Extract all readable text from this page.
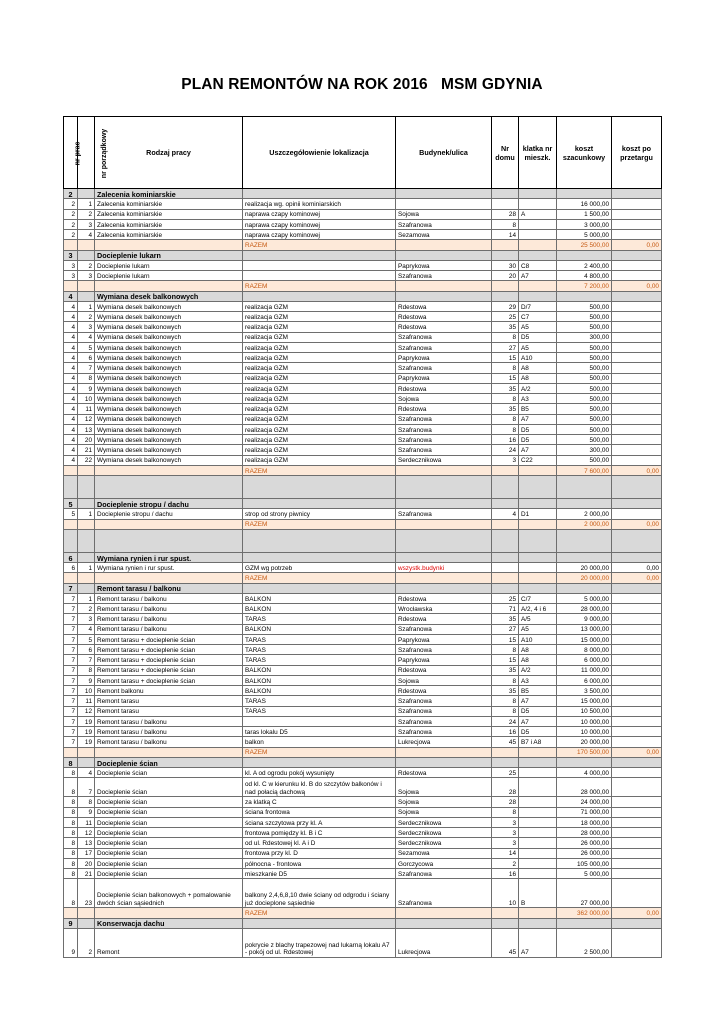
PLAN REMONTÓW NA ROK 2016   MSM GDYNIA
nr prac	nr porządkowy	Rodzaj pracy	Uszczegółowienie lokalizacja	Budynek/ulica	Nr domu	klatka nr mieszk.	koszt szacunkowy	koszt po przetargu
2		Zalecenia kominiarskie						
2	1	Zalecenia kominiarskie	realizacja wg. opinii kominiarskich				16 000,00	
2	2	Zalecenia kominiarskie	naprawa czapy kominowej	Sojowa	28	A	1 500,00	
2	3	Zalecenia kominiarskie	naprawa czapy kominowej	Szafranowa	8		3 000,00	
2	4	Zalecenia kominiarskie	naprawa czapy kominowej	Sezamowa	14		5 000,00	
			RAZEM				25 500,00	0,00
3		Docieplenie lukarn						
3	2	Docieplenie lukarn		Paprykowa	30	C8	2 400,00	
3	3	Docieplenie lukarn		Szafranowa	20	A7	4 800,00	
			RAZEM				7 200,00	0,00
4		Wymiana desek balkonowych						
4	1	Wymiana desek balkonowych	realizacja GZM	Rdestowa	29	D/7	500,00	
4	2	Wymiana desek balkonowych	realizacja GZM	Rdestowa	25	C7	500,00	
4	3	Wymiana desek balkonowych	realizacja GZM	Rdestowa	35	A5	500,00	
4	4	Wymiana desek balkonowych	realizacja GZM	Szafranowa	8	D5	300,00	
4	5	Wymiana desek balkonowych	realizacja GZM	Szafranowa	27	A5	500,00	
4	6	Wymiana desek balkonowych	realizacja GZM	Paprykowa	15	A10	500,00	
4	7	Wymiana desek balkonowych	realizacja GZM	Szafranowa	8	A8	500,00	
4	8	Wymiana desek balkonowych	realizacja GZM	Paprykowa	15	A8	500,00	
4	9	Wymiana desek balkonowych	realizacja GZM	Rdestowa	35	A/2	500,00	
4	10	Wymiana desek balkonowych	realizacja GZM	Sojowa	8	A3	500,00	
4	11	Wymiana desek balkonowych	realizacja GZM	Rdestowa	35	B5	500,00	
4	12	Wymiana desek balkonowych	realizacja GZM	Szafranowa	8	A7	500,00	
4	13	Wymiana desek balkonowych	realizacja GZM	Szafranowa	8	D5	500,00	
4	20	Wymiana desek balkonowych	realizacja GZM	Szafranowa	16	D5	500,00	
4	21	Wymiana desek balkonowych	realizacja GZM	Szafranowa	24	A7	300,00	
4	22	Wymiana desek balkonowych	realizacja GZM	Serdecznikowa	3	C22	500,00	
			RAZEM				7 600,00	0,00

5		Docieplenie stropu / dachu						
5	1	Docieplenie stropu / dachu	strop od strony piwnicy	Szafranowa	4	D1	2 000,00	
			RAZEM				2 000,00	0,00

6		Wymiana rynien i rur spust.						
6	1	Wymiana rynien i rur spust.	GZM wg potrzeb	wszystk.budynki			20 000,00	0,00
			RAZEM				20 000,00	0,00
7		Remont tarasu / balkonu						
7	1	Remont tarasu / balkonu	BALKON	Rdestowa	25	C/7	5 000,00	
7	2	Remont tarasu / balkonu	BALKON	Wrocławska	71	A/2, 4 i 6	28 000,00	
7	3	Remont tarasu / balkonu	TARAS	Rdestowa	35	A/5	9 000,00	
7	4	Remont tarasu / balkonu	BALKON	Szafranowa	27	A5	13 000,00	
7	5	Remont tarasu + docieplenie ścian	TARAS	Paprykowa	15	A10	15 000,00	
7	6	Remont tarasu + docieplenie ścian	TARAS	Szafranowa	8	A8	8 000,00	
7	7	Remont tarasu + docieplenie ścian	TARAS	Paprykowa	15	A8	6 000,00	
7	8	Remont tarasu + docieplenie ścian	BALKON	Rdestowa	35	A/2	11 000,00	
7	9	Remont tarasu + docieplenie ścian	BALKON	Sojowa	8	A3	6 000,00	
7	10	Remont balkonu	BALKON	Rdestowa	35	B5	3 500,00	
7	11	Remont tarasu	TARAS	Szafranowa	8	A7	15 000,00	
7	12	Remont tarasu	TARAS	Szafranowa	8	D5	10 500,00	
7	19	Remont tarasu / balkonu		Szafranowa	24	A7	10 000,00	
7	19	Remont tarasu / balkonu	taras lokalu D5	Szafranowa	16	D5	10 000,00	
7	19	Remont tarasu / balkonu	balkon	Lukrecjowa	45	B7 i A8	20 000,00	
			RAZEM				170 500,00	0,00
8		Docieplenie ścian						
8	4	Docieplenie ścian	kl. A od ogrodu pokój wysunięty	Rdestowa	25		4 000,00	
8	7	Docieplenie ścian	od kl. C w kierunku kl. B do szczytów balkonów i nad połacią dachową	Sojowa	28		28 000,00	
8	8	Docieplenie ścian	za klatką C	Sojowa	28		24 000,00	
8	9	Docieplenie ścian	ściana frontowa	Sojowa	8		71 000,00	
8	11	Docieplenie ścian	ściana szczytowa przy kl. A	Serdecznikowa	3		18 000,00	
8	12	Docieplenie ścian	frontowa pomiędzy kl. B i C	Serdecznikowa	3		28 000,00	
8	13	Docieplenie ścian	od ul. Rdestowej kl. A i D	Serdecznikowa	3		26 000,00	
8	17	Docieplenie ścian	frontowa przy kl. D	Sezamowa	14		26 000,00	
8	20	Docieplenie ścian	północna - frontowa	Gorczycowa	2		105 000,00	
8	21	Docieplenie ścian	mieszkanie D5	Szafranowa	16		5 000,00	
8	23	Docieplenie ścian balkonowych + pomalowanie dwóch ścian sąsiednich	balkony 2,4,6,8,10 dwie ściany od odgrodu i ściany już docieplone sąsiednie	Szafranowa	10	B	27 000,00	
			RAZEM				362 000,00	0,00
9		Konserwacja dachu						
9	2	Remont	pokrycie z blachy trapezowej nad lukarną lokalu A7 - pokój od ul. Rdestowej	Lukrecjowa	45	A7	2 500,00	
